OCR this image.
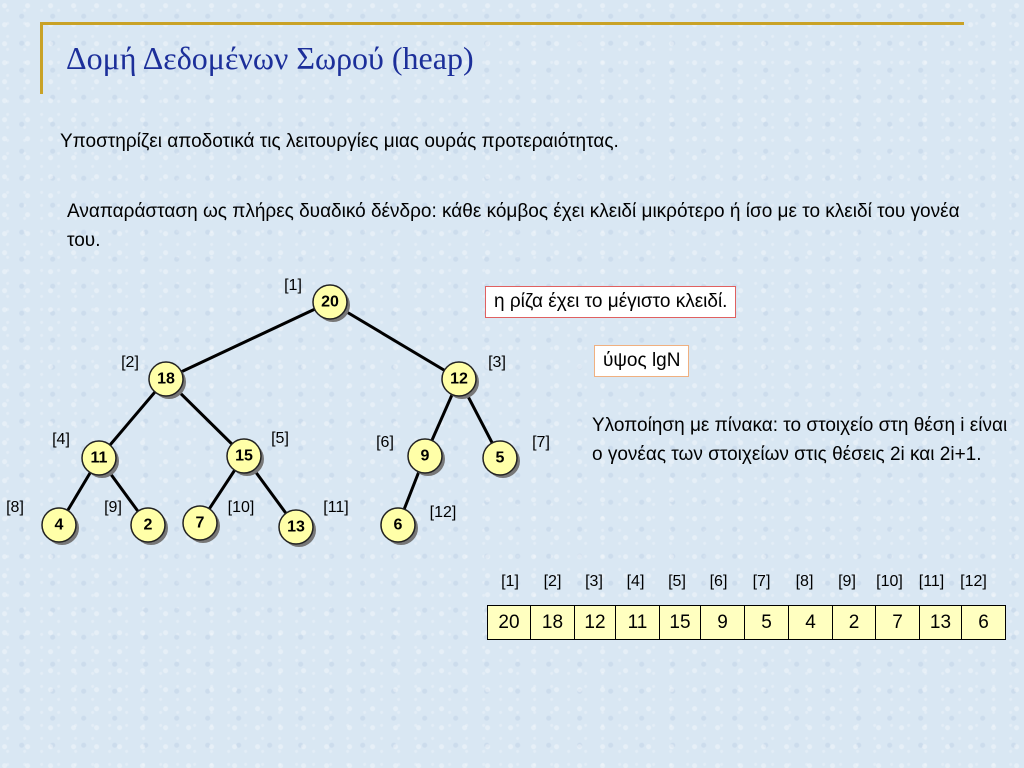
Δομή Δεδομένων Σωρού (heap)
Υποστηρίζει αποδοτικά τις λειτουργίες μιας ουράς προτεραιότητας.
Αναπαράσταση ως πλήρες δυαδικό δένδρο: κάθε κόμβος έχει κλειδί μικρότερο ή ίσο με το κλειδί του γονέα του.
20
[1]
18
[2]
12
[3]
11
[4]
15
[5]
9
[6]
5
[7]
4
[8]
2
[9]
7
[10]
13
[11]
6
[12]
η ρίζα έχει το μέγιστο κλειδί.
ύψος lgN
Υλοποίηση με πίνακα: το στοιχείο στη θέση i είναι ο γονέας των στοιχείων στις θέσεις 2i και 2i+1.
[1]	[2]	[3]	[4]	[5]	[6]	[7]	[8]	[9]	[10] [11] [12]
20	18	12	11	15	9	5	4	2	7	13	6
